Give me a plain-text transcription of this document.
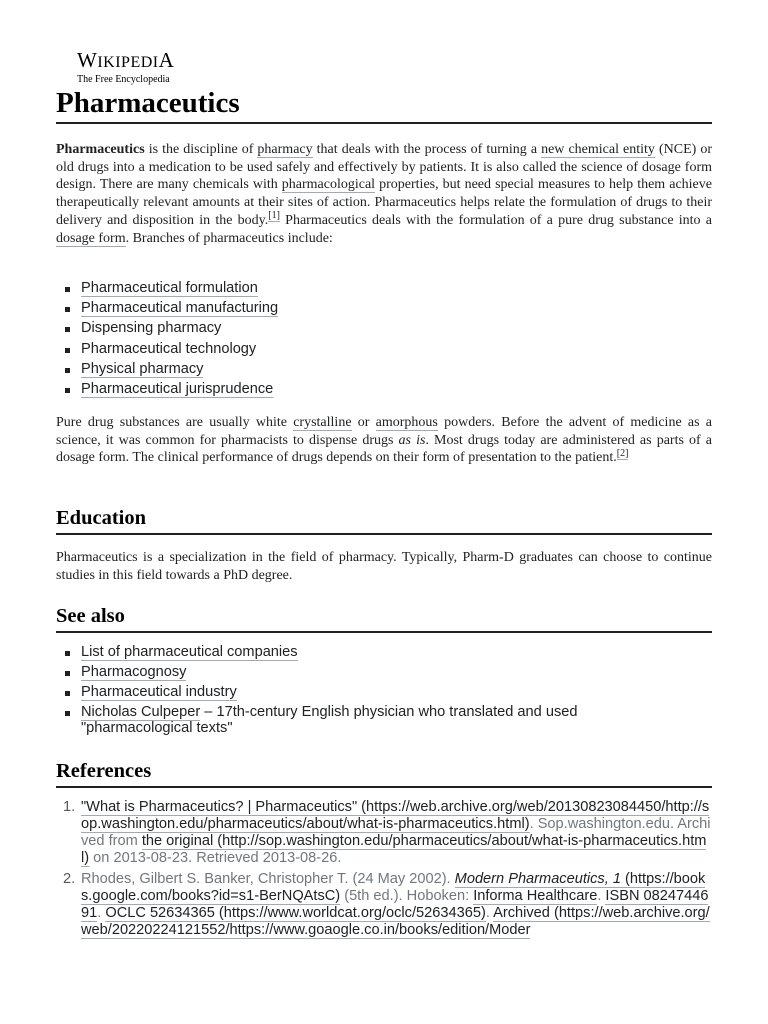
WIKIPEDIA
The Free Encyclopedia
Pharmaceutics

Pharmaceutics is the discipline of pharmacy that deals with the process of turning a new chemical entity (NCE) or old drugs into a medication to be used safely and effectively by patients. It is also called the science of dosage form design. There are many chemicals with pharmacological properties, but need special measures to help them achieve therapeutically relevant amounts at their sites of action. Pharmaceutics helps relate the formulation of drugs to their delivery and disposition in the body.[1] Pharmaceutics deals with the formulation of a pure drug substance into a dosage form. Branches of pharmaceutics include:

Pharmaceutical formulation
Pharmaceutical manufacturing
Dispensing pharmacy
Pharmaceutical technology
Physical pharmacy
Pharmaceutical jurisprudence

Pure drug substances are usually white crystalline or amorphous powders. Before the advent of medicine as a science, it was common for pharmacists to dispense drugs as is. Most drugs today are administered as parts of a dosage form. The clinical performance of drugs depends on their form of presentation to the patient.[2]

Education

Pharmaceutics is a specialization in the field of pharmacy. Typically, Pharm-D graduates can choose to continue studies in this field towards a PhD degree.

See also
List of pharmaceutical companies
Pharmacognosy
Pharmaceutical industry
Nicholas Culpeper – 17th-century English physician who translated and used "pharmacological texts"
References
1. "What is Pharmaceutics? | Pharmaceutics" (https://web.archive.org/web/20130823084450/http://sop.washington.edu/pharmaceutics/about/what-is-pharmaceutics.html). Sop.washington.edu. Archived from the original (http://sop.washington.edu/pharmaceutics/about/what-is-pharmaceutics.html) on 2013-08-23. Retrieved 2013-08-26.
2. Rhodes, Gilbert S. Banker, Christopher T. (24 May 2002). Modern Pharmaceutics, 1 (https://books.google.com/books?id=s1-BerNQAtsC) (5th ed.). Hoboken: Informa Healthcare. ISBN 0824744691. OCLC 52634365 (https://www.worldcat.org/oclc/52634365). Archived (https://web.archive.org/web/20220224121552/https://www.goaogle.co.in/books/edition/Moder
